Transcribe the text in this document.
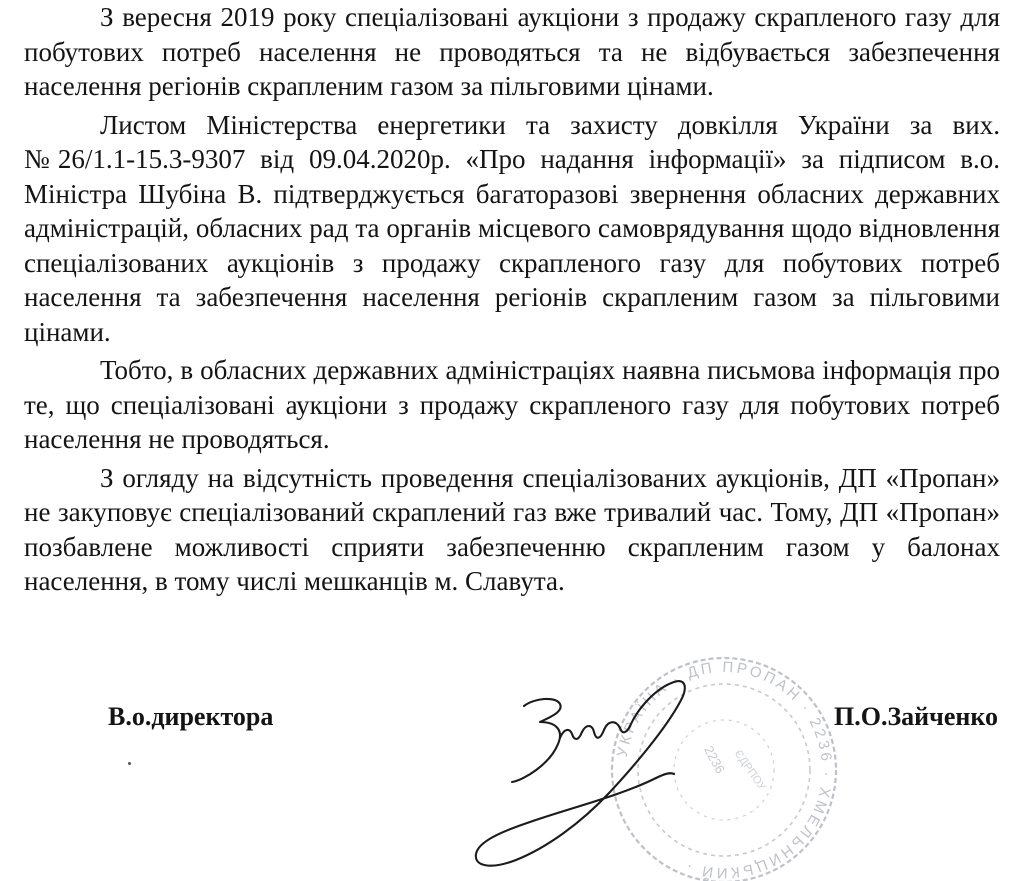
З вересня 2019 року спеціалізовані аукціони з продажу скрапленого газу для побутових потреб населення не проводяться та не відбувається забезпечення населення регіонів скрапленим газом за пільговими цінами.

Листом Міністерства енергетики та захисту довкілля України за вих. №26/1.1-15.3-9307 від 09.04.2020р. «Про надання інформації» за підписом в.о. Міністра Шубіна В. підтверджується багаторазові звернення обласних державних адміністрацій, обласних рад та органів місцевого самоврядування щодо відновлення спеціалізованих аукціонів з продажу скрапленого газу для побутових потреб населення та забезпечення населення регіонів скрапленим газом за пільговими цінами.

Тобто, в обласних державних адміністраціях наявна письмова інформація про те, що спеціалізовані аукціони з продажу скрапленого газу для побутових потреб населення не проводяться.

З огляду на відсутність проведення спеціалізованих аукціонів, ДП «Пропан» не закуповує спеціалізований скраплений газ вже тривалий час. Тому, ДП «Пропан» позбавлене можливості сприяти забезпеченню скрапленим газом у балонах населення, в тому числі мешканців м. Славута.

В.о.директора
УКРАЇНА · ДП ПРОПАН · 2236 · ХМЕЛЬНИЦЬКИЙ ·
2236 ЄДРПОУ
П.О.Зайченко
